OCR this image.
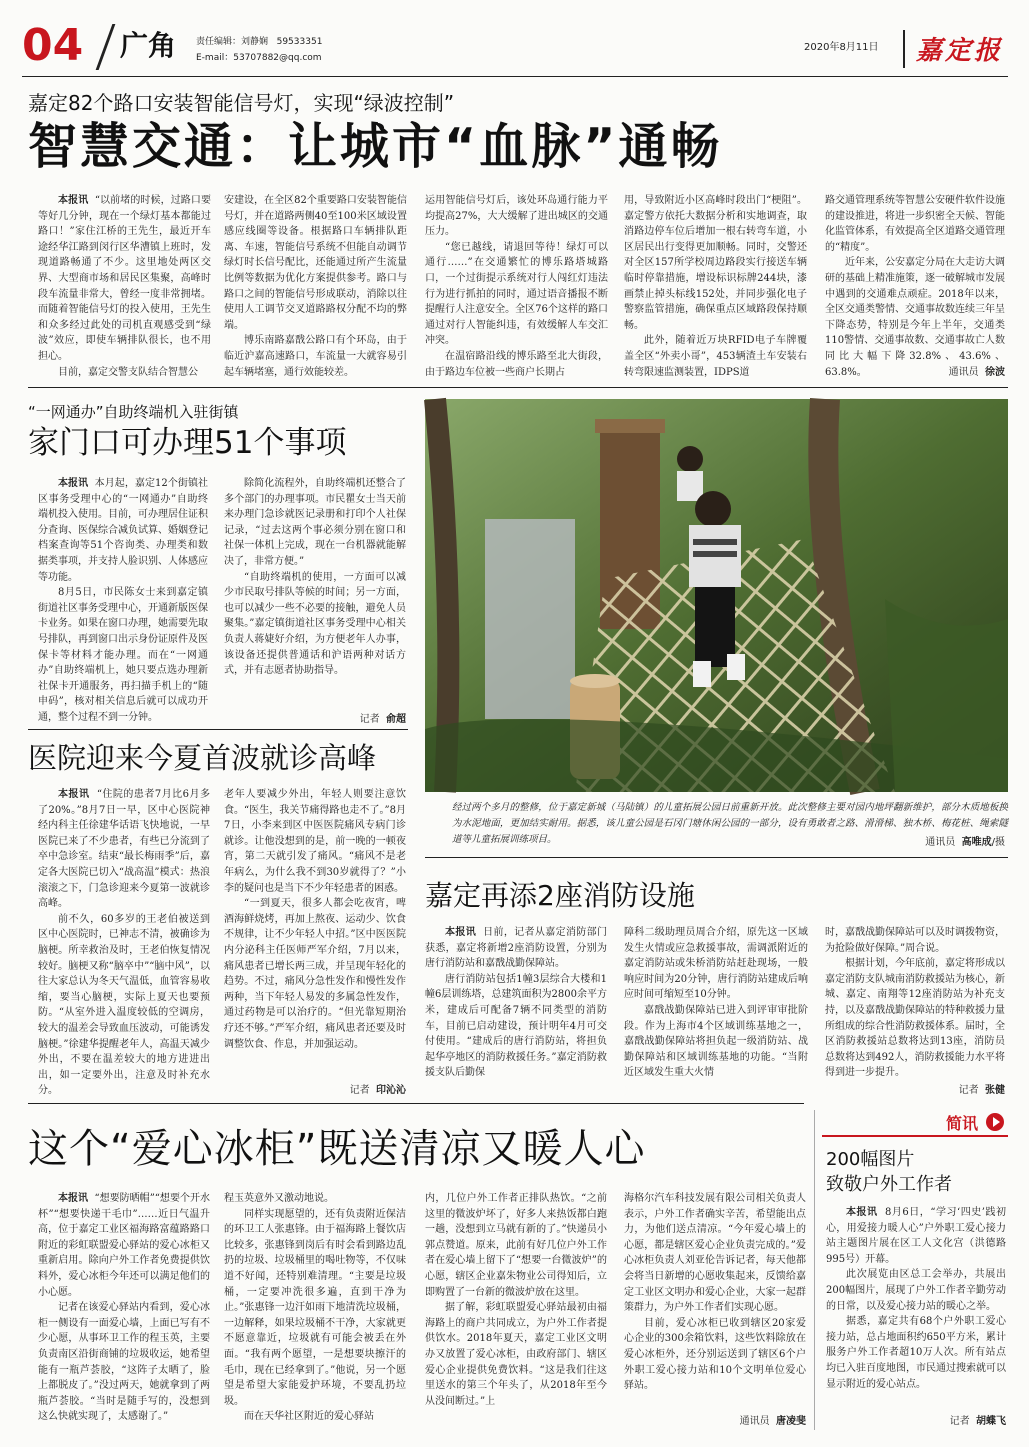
04 广角 责任编辑：刘静娴 59533351
E-mail：53707882@qq.com
2020年8月11日 嘉定报
嘉定82个路口安装智能信号灯，实现“绿波控制”
智慧交通：让城市“血脉”通畅

本报讯 “以前堵的时候，过路口要等好几分钟，现在一个绿灯基本都能过路口！”家住江桥的王先生，最近开车途经华江路到闵行区华漕镇上班时，发现道路畅通了不少。这里地处两区交界、大型商市场和居民区集聚，高峰时段车流量非常大，曾经一度非常拥堵。而随着智能信号灯的投入使用，王先生和众多经过此处的司机直观感受到“绿波”效应，即使车辆排队很长，也不用担心。

目前，嘉定交警支队结合智慧公

安建设，在全区82个重要路口安装智能信号灯，并在道路两侧40至100米区域设置感应线圈等设备。根据路口车辆排队距离、车速，智能信号系统不但能自动调节绿灯时长信号配比，还能通过所产生流量比例等数据为优化方案提供参考。路口与路口之间的智能信号形成联动，消除以往使用人工调节交叉道路路权分配不均的弊端。

博乐南路嘉戬公路口有个环岛，由于临近沪嘉高速路口，车流量一大就容易引起车辆堵塞，通行效能较差。

运用智能信号灯后，该处环岛通行能力平均提高27%，大大缓解了进出城区的交通压力。

“您已越线，请退回等待！绿灯可以通行……”在交通繁忙的博乐路塔城路口，一个过街提示系统对行人闯红灯违法行为进行抓拍的同时，通过语音播报不断提醒行人注意安全。全区76个这样的路口通过对行人智能纠违，有效缓解人车交汇冲突。

在温宿路沿线的博乐路至北大街段，由于路边车位被一些商户长期占

用，导致附近小区高峰时段出门“梗阻”。嘉定警方依托大数据分析和实地调查，取消路边停车位后增加一根右转弯车道，小区居民出行变得更加顺畅。同时，交警还对全区157所学校周边路段实行接送车辆临时停靠措施，增设标识标牌244块，漆画禁止掉头标线152处，并同步强化电子警察监管措施，确保重点区域路段保持顺畅。

此外，随着近万块RFID电子车牌覆盖全区“外卖小哥”，453辆渣土车安装右转弯限速监测装置，IDPS道

路交通管理系统等智慧公安硬件软件设施的建设推进，将进一步织密全天候、智能化监管体系，有效提高全区道路交通管理的“精度”。

近年来，公安嘉定分局在大走访大调研的基础上精准施策，逐一破解城市发展中遇到的交通难点顽症。2018年以来，全区交通类警情、交通事故数连续三年呈下降态势，特别是今年上半年，交通类110警情、交通事故数、交通事故亡人数同比大幅下降32.8%、43.6%、63.8%。	通讯员 徐波
“一网通办”自助终端机入驻街镇
家门口可办理51个事项

本报讯 本月起，嘉定12个街镇社区事务受理中心的“一网通办”自助终端机投入使用。目前，可办理居住证积分查询、医保综合减负试算、婚姻登记档案查询等51个咨询类、办理类和数据类事项，并支持人脸识别、人体感应等功能。

8月5日，市民陈女士来到嘉定镇街道社区事务受理中心，开通新版医保卡业务。如果在窗口办理，她需要先取号排队，再到窗口出示身份证原件及医保卡等材料才能办理。而在“一网通办”自助终端机上，她只要点选办理新社保卡开通服务，再扫描手机上的“随申码”，核对相关信息后就可以成功开通，整个过程不到一分钟。

除简化流程外，自助终端机还整合了多个部门的办理事项。市民瞿女士当天前来办理门急诊就医记录册和打印个人社保记录，“过去这两个事必须分别在窗口和社保一体机上完成，现在一台机器就能解决了，非常方便。”

“自助终端机的使用，一方面可以减少市民取号排队等候的时间；另一方面，也可以减少一些不必要的接触，避免人员聚集。”嘉定镇街道社区事务受理中心相关负责人蒋婕好介绍，为方便老年人办事，该设备还提供普通话和沪语两种对话方式，并有志愿者协助指导。

记者 俞超
医院迎来今夏首波就诊高峰

本报讯 “住院的患者7月比6月多了20%。”8月7日一早，区中心医院神经内科主任徐建华话语飞快地说，一早医院已来了不少患者，有些已分流到了卒中急诊室。结束“最长梅雨季”后，嘉定各大医院已切入“战高温”模式：热浪滚滚之下，门急诊迎来今夏第一波就诊高峰。

前不久，60多岁的王老伯被送到区中心医院时，已神志不清，被确诊为脑梗。所幸救治及时，王老伯恢复情况较好。脑梗又称“脑卒中”“脑中风”，以往大家总认为冬天气温低，血管容易收缩，要当心脑梗，实际上夏天也要预防。“从室外进入温度较低的空调房，较大的温差会导致血压波动，可能诱发脑梗。”徐建华提醒老年人，高温天减少外出，不要在温差较大的地方进进出出，如一定要外出，注意及时补充水分。

老年人要减少外出，年轻人则要注意饮食。“医生，我关节痛得路也走不了。”8月7日，小李来到区中医医院痛风专病门诊就诊。让他没想到的是，前一晚的一顿夜宵，第二天就引发了痛风。“痛风不是老年病么，为什么我不到30岁就得了？”小李的疑问也是当下不少年轻患者的困惑。

“一到夏天，很多人都会吃夜宵，啤酒海鲜烧烤，再加上熬夜、运动少、饮食不规律，让不少年轻人中招。”区中医医院内分泌科主任医师严军介绍，7月以来，痛风患者已增长两三成，并呈现年轻化的趋势。不过，痛风分急性发作和慢性发作两种，当下年轻人易发的多属急性发作，通过药物是可以治疗的。“但光靠短期治疗还不够。”严军介绍，痛风患者还要及时调整饮食、作息，并加强运动。

记者 印沁沁
经过两个多月的整修，位于嘉定新城（马陆镇）的儿童拓展公园日前重新开放。此次整修主要对园内地坪翻新维护，部分木质地板换为水泥地面，更加结实耐用。据悉，该儿童公园是石冈门塘休闲公园的一部分，设有勇敢者之路、滑滑梯、独木桥、梅花桩、绳索隧道等儿童拓展训练项目。	通讯员 高唯成/摄
嘉定再添2座消防设施

本报讯 日前，记者从嘉定消防部门获悉，嘉定将新增2座消防设置，分别为唐行消防站和嘉戬战勤保障站。

唐行消防站包括1幢3层综合大楼和1幢6层训练塔，总建筑面积为2800余平方米，建成后可配备7辆不同类型的消防车，目前已启动建设，预计明年4月可交付使用。“建成后的唐行消防站，将担负起华亭地区的消防救援任务。”嘉定消防救援支队后勤保

障科二级助理员周合介绍，原先这一区域发生火情或应急救援事故，需调派附近的嘉定消防站或朱桥消防站赶赴现场，一般响应时间为20分钟，唐行消防站建成后响应时间可缩短至10分钟。

嘉戬战勤保障站已进入到评审审批阶段。作为上海市4个区域训练基地之一，嘉戬战勤保障站将担负起一级消防站、战勤保障站和区域训练基地的功能。“当附近区域发生重大火情

时，嘉戬战勤保障站可以及时调拨物资，为抢险做好保障。”周合说。

根据计划，今年底前，嘉定将形成以嘉定消防支队城南消防救援站为核心，新城、嘉定、南翔等12座消防站为补充支持，以及嘉戬战勤保障站的特种救援力量所组成的综合性消防救援体系。届时，全区消防救援站总数将达到13座，消防员总数将达到492人，消防救援能力水平将得到进一步提升。

记者 张健
这个“爱心冰柜”既送清凉又暖人心

本报讯 “想要防晒帽”“想要个开水杯”“想要快递干毛巾”……近日气温升高，位于嘉定工业区福海路富蕴路路口附近的彩虹联盟爱心驿站的爱心冰柜又重新启用。除向户外工作者免费提供饮料外，爱心冰柜今年还可以满足他们的小心愿。

记者在该爱心驿站内看到，爱心冰柜一侧设有一面爱心墙，上面已写有不少心愿，从事环卫工作的程玉英，主要负责南区沿街商铺的垃圾收运，她希望能有一瓶芦荟胶，“这阵子太晒了，脸上都脱皮了。”没过两天，她就拿到了两瓶芦荟胶。“当时是随手写的，没想到这么快就实现了，太感谢了。”

程玉英意外又激动地说。

同样实现愿望的，还有负责附近保洁的环卫工人张惠锋。由于福海路上餐饮店比较多，张惠锋到岗后有时会看到路边乱扔的垃圾、垃圾桶里的喝吐物等，不仅味道不好闻，还特别难清理。“主要是垃圾桶，一定要冲洗很多遍，直到干净为止。”张惠锋一边汗如雨下地清洗垃圾桶，一边解释，如果垃圾桶不干净，大家就更不愿意靠近，垃圾就有可能会被丢在外面。“我有两个愿望，一是想要块擦汗的毛巾，现在已经拿到了。”他说，另一个愿望是希望大家能爱护环境，不要乱扔垃圾。

而在天华社区附近的爱心驿站

内，几位户外工作者正排队热饮。“之前这里的微波炉坏了，好多人来热饭都白跑一趟，没想到立马就有新的了。”快递员小郭点赞道。原来，此前有好几位户外工作者在爱心墙上留下了“想要一台微波炉”的心愿，辖区企业嘉朱物业公司得知后，立即购置了一台新的微波炉放在这里。

据了解，彩虹联盟爱心驿站最初由福海路上的商户共同成立，为户外工作者提供饮水。2018年夏天，嘉定工业区文明办又放置了爱心冰柜，由政府部门、辖区爱心企业提供免费饮料。“这是我们往这里送水的第三个年头了，从2018年至今从没间断过。”上

海格尔汽车科技发展有限公司相关负责人表示，户外工作者确实辛苦，希望能出点力，为他们送点清凉。“今年爱心墙上的心愿，都是辖区爱心企业负责完成的。”爱心冰柜负责人刘亚伦告诉记者，每天他都会将当日新增的心愿收集起来，反馈给嘉定工业区文明办和爱心企业，大家一起群策群力，为户外工作者们实现心愿。

目前，爱心冰柜已收到辖区20家爱心企业的300余箱饮料，这些饮料除放在爱心冰柜外，还分别运送到了辖区6个户外职工爱心接力站和10个文明单位爱心驿站。

通讯员 唐凌斐
简讯
200幅图片
致敬户外工作者

本报讯 8月6日，“学习‘四史’践初心，用爱接力暖人心”户外职工爱心接力站主题图片展在区工人文化宫（洪德路995号）开幕。

此次展览由区总工会举办，共展出200幅图片，展现了户外工作者辛勤劳动的日常，以及爱心接力站的暖心之举。

据悉，嘉定共有68个户外职工爱心接力站，总占地面积约650平方米，累计服务户外工作者超10万人次。所有站点均已入驻百度地图，市民通过搜索就可以显示附近的爱心站点。

记者 胡蝶飞
